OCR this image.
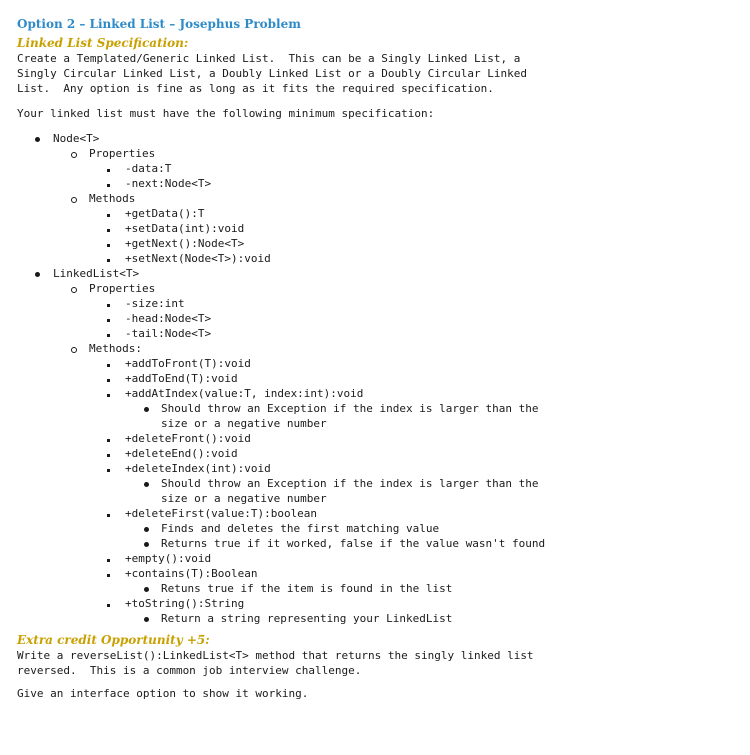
Option 2 – Linked List – Josephus Problem
Linked List Specification:
Create a Templated/Generic Linked List.  This can be a Singly Linked List, a
Singly Circular Linked List, a Doubly Linked List or a Doubly Circular Linked
List.  Any option is fine as long as it fits the required specification.
Your linked list must have the following minimum specification:
Node<T>
Properties
-data:T
-next:Node<T>
Methods
+getData():T
+setData(int):void
+getNext():Node<T>
+setNext(Node<T>):void
LinkedList<T>
Properties
-size:int
-head:Node<T>
-tail:Node<T>
Methods:
+addToFront(T):void
+addToEnd(T):void
+addAtIndex(value:T, index:int):void
Should throw an Exception if the index is larger than the
size or a negative number
+deleteFront():void
+deleteEnd():void
+deleteIndex(int):void
Should throw an Exception if the index is larger than the
size or a negative number
+deleteFirst(value:T):boolean
Finds and deletes the first matching value
Returns true if it worked, false if the value wasn't found
+empty():void
+contains(T):Boolean
Retuns true if the item is found in the list
+toString():String
Return a string representing your LinkedList
Extra credit Opportunity +5:
Write a reverseList():LinkedList<T> method that returns the singly linked list
reversed.  This is a common job interview challenge.
Give an interface option to show it working.
